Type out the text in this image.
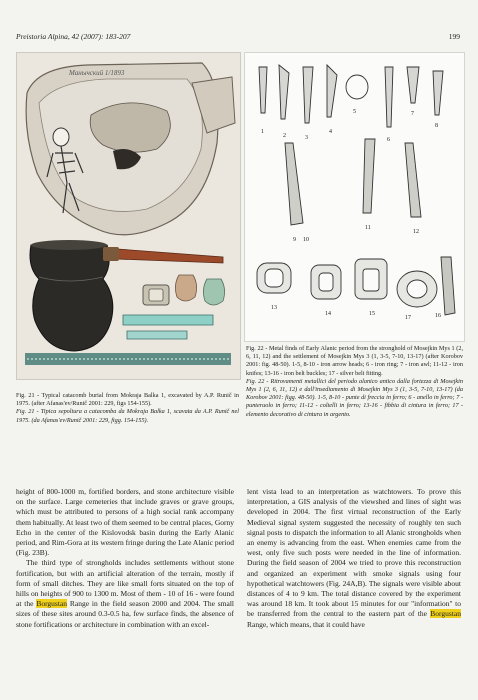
Preistoria Alpina, 42 (2007): 183-207	199
Манычский 1/1893
1
2	3
4
5
6
7
8
9 10
11
12
13
14	15	16
17

Fig. 21 - Typical catacomb burial from Mokraja Balka 1, excavated by A.P. Runič in 1975. (after Afanas'ev/Runič 2001: 229, figs 154-155).

Fig. 21 - Tipica sepoltura a catacomba da Mokraja Balka 1, scavata da A.P. Runič nel 1975. (da Afanas'ev/Runič 2001: 229, figg. 154-155).

Fig. 22 - Metal finds of Early Alanic period from the stronghold of Mosejkin Mys 1 (2, 6, 11, 12) and the settlement of Mosejkin Mys 3 (1, 3-5, 7-10, 13-17) (after Korobov 2001: fig. 48-50). 1-5, 8-10 - iron arrow heads; 6 - iron ring; 7 - iron awl; 11-12 - iron knifes; 13-16 - iron belt buckles; 17 - silver belt fitting.

Fig. 22 - Ritrovamenti metallici del periodo alanico antico dalla fortezza di Mosejkin Mys 1 (2, 6, 11, 12) e dall'insediamento di Mosejkin Mys 3 (1, 3-5, 7-10, 13-17) (da Korobov 2001: figg. 48-50). 1-5, 8-10 - punte di freccia in ferro; 6 - anello in ferro; 7 - punteruolo in ferro; 11-12 - coltelli in ferro; 13-16 - fibbia di cintura in ferro; 17 - elemento decorativo di cintura in argento.

height of 800-1000 m, fortified borders, and stone architecture visible on the surface. Large cemeteries that include graves or grave groups, which must be attributed to persons of a high social rank accompany them habitually. At least two of them seemed to be central places, Gorny Echo in the center of the Kislovodsk basin during the Early Alanic period, and Rim-Gora at its western fringe during the Late Alanic period (Fig. 23B).

The third type of strongholds includes settlements without stone fortification, but with an artificial alteration of the terrain, mostly if form of small ditches. They are like small forts situated on the top of hills on heights of 900 to 1300 m. Most of them - 10 of 16 - were found at the Borgustan Range in the field season 2000 and 2004. The small sizes of these sites around 0.3-0.5 ha, few surface finds, the absence of stone fortifications or architecture in combination with an excel-

lent vista lead to an interpretation as watchtowers. To prove this interpretation, a GIS analysis of the viewshed and lines of sight was developed in 2004. The first virtual reconstruction of the Early Medieval signal system suggested the necessity of roughly ten such signal posts to dispatch the information to all Alanic strongholds when an enemy is advancing from the east. When enemies came from the west, only five such posts were needed in the line of information. During the field season of 2004 we tried to prove this reconstruction and organized an experiment with smoke signals using four hypothetical watchtowers (Fig. 24A,B). The signals were visible about distances of 4 to 9 km. The total distance covered by the experiment was around 18 km. It took about 15 minutes for our "information" to be transferred from the central to the eastern part of the Borgustan Range, which means, that it could have
